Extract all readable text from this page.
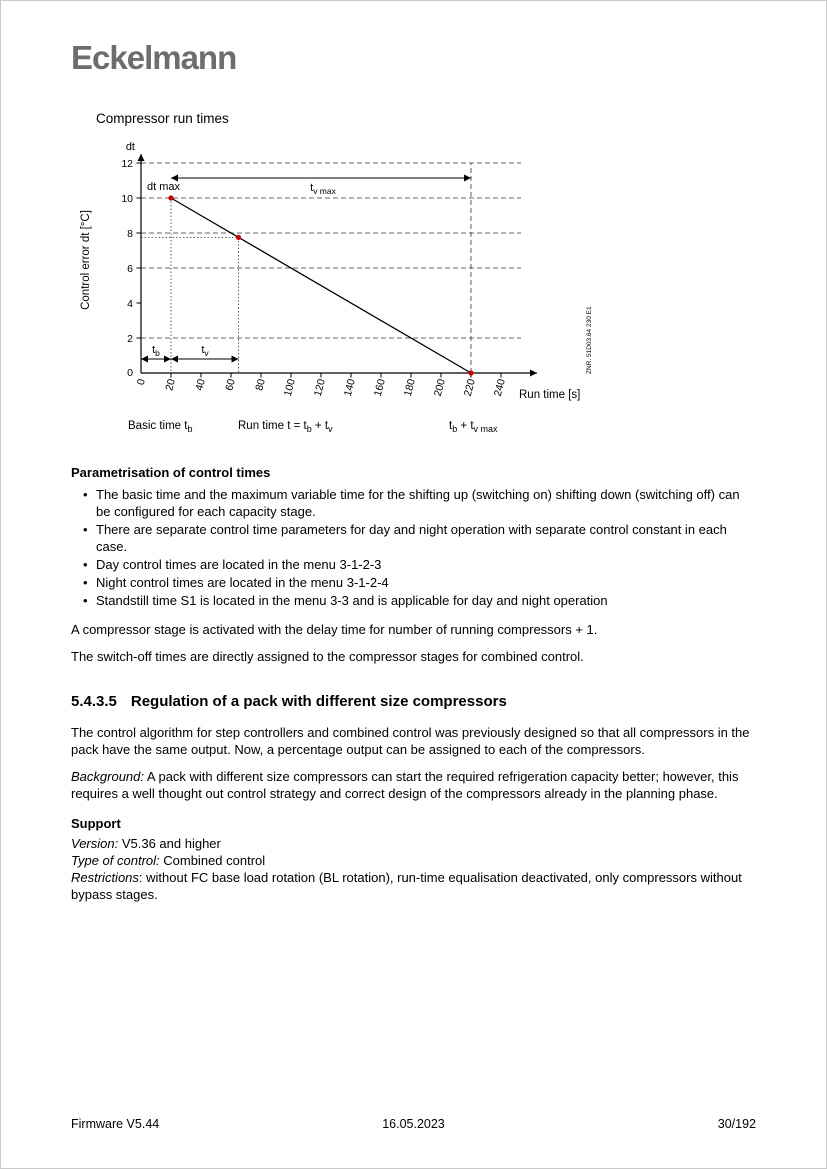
Eckelmann
Compressor run times
0
2
4
6
8
10
12
0 20 40 60 80 100 120 140 160 180 200 220 240
dt
dt max	$t_{v max}$
$t_b$	$t_v$
Control error dt [°C]
Run time [s]
ZNR. 51D03.64 230 E1
Basic time $t_b$	Run time $t = t_b + t_v$	$t_b + t_{v max}$
Parametrisation of control times
• The basic time and the maximum variable time for the shifting up (switching on) shifting down (switching off) can be configured for each capacity stage.
• There are separate control time parameters for day and night operation with separate control constant in each case.
• Day control times are located in the menu 3-1-2-3
• Night control times are located in the menu 3-1-2-4
• Standstill time S1 is located in the menu 3-3 and is applicable for day and night operation

A compressor stage is activated with the delay time for number of running compressors + 1.

The switch-off times are directly assigned to the compressor stages for combined control.

5.4.3.5 Regulation of a pack with different size compressors

The control algorithm for step controllers and combined control was previously designed so that all compressors in the pack have the same output. Now, a percentage output can be assigned to each of the compressors.

Background: A pack with different size compressors can start the required refrigeration capacity better; however, this requires a well thought out control strategy and correct design of the compressors already in the planning phase.

Support
Version: V5.36 and higher
Type of control: Combined control
Restrictions: without FC base load rotation (BL rotation), run-time equalisation deactivated, only compressors without bypass stages.
Firmware V5.44	16.05.2023	30/192
